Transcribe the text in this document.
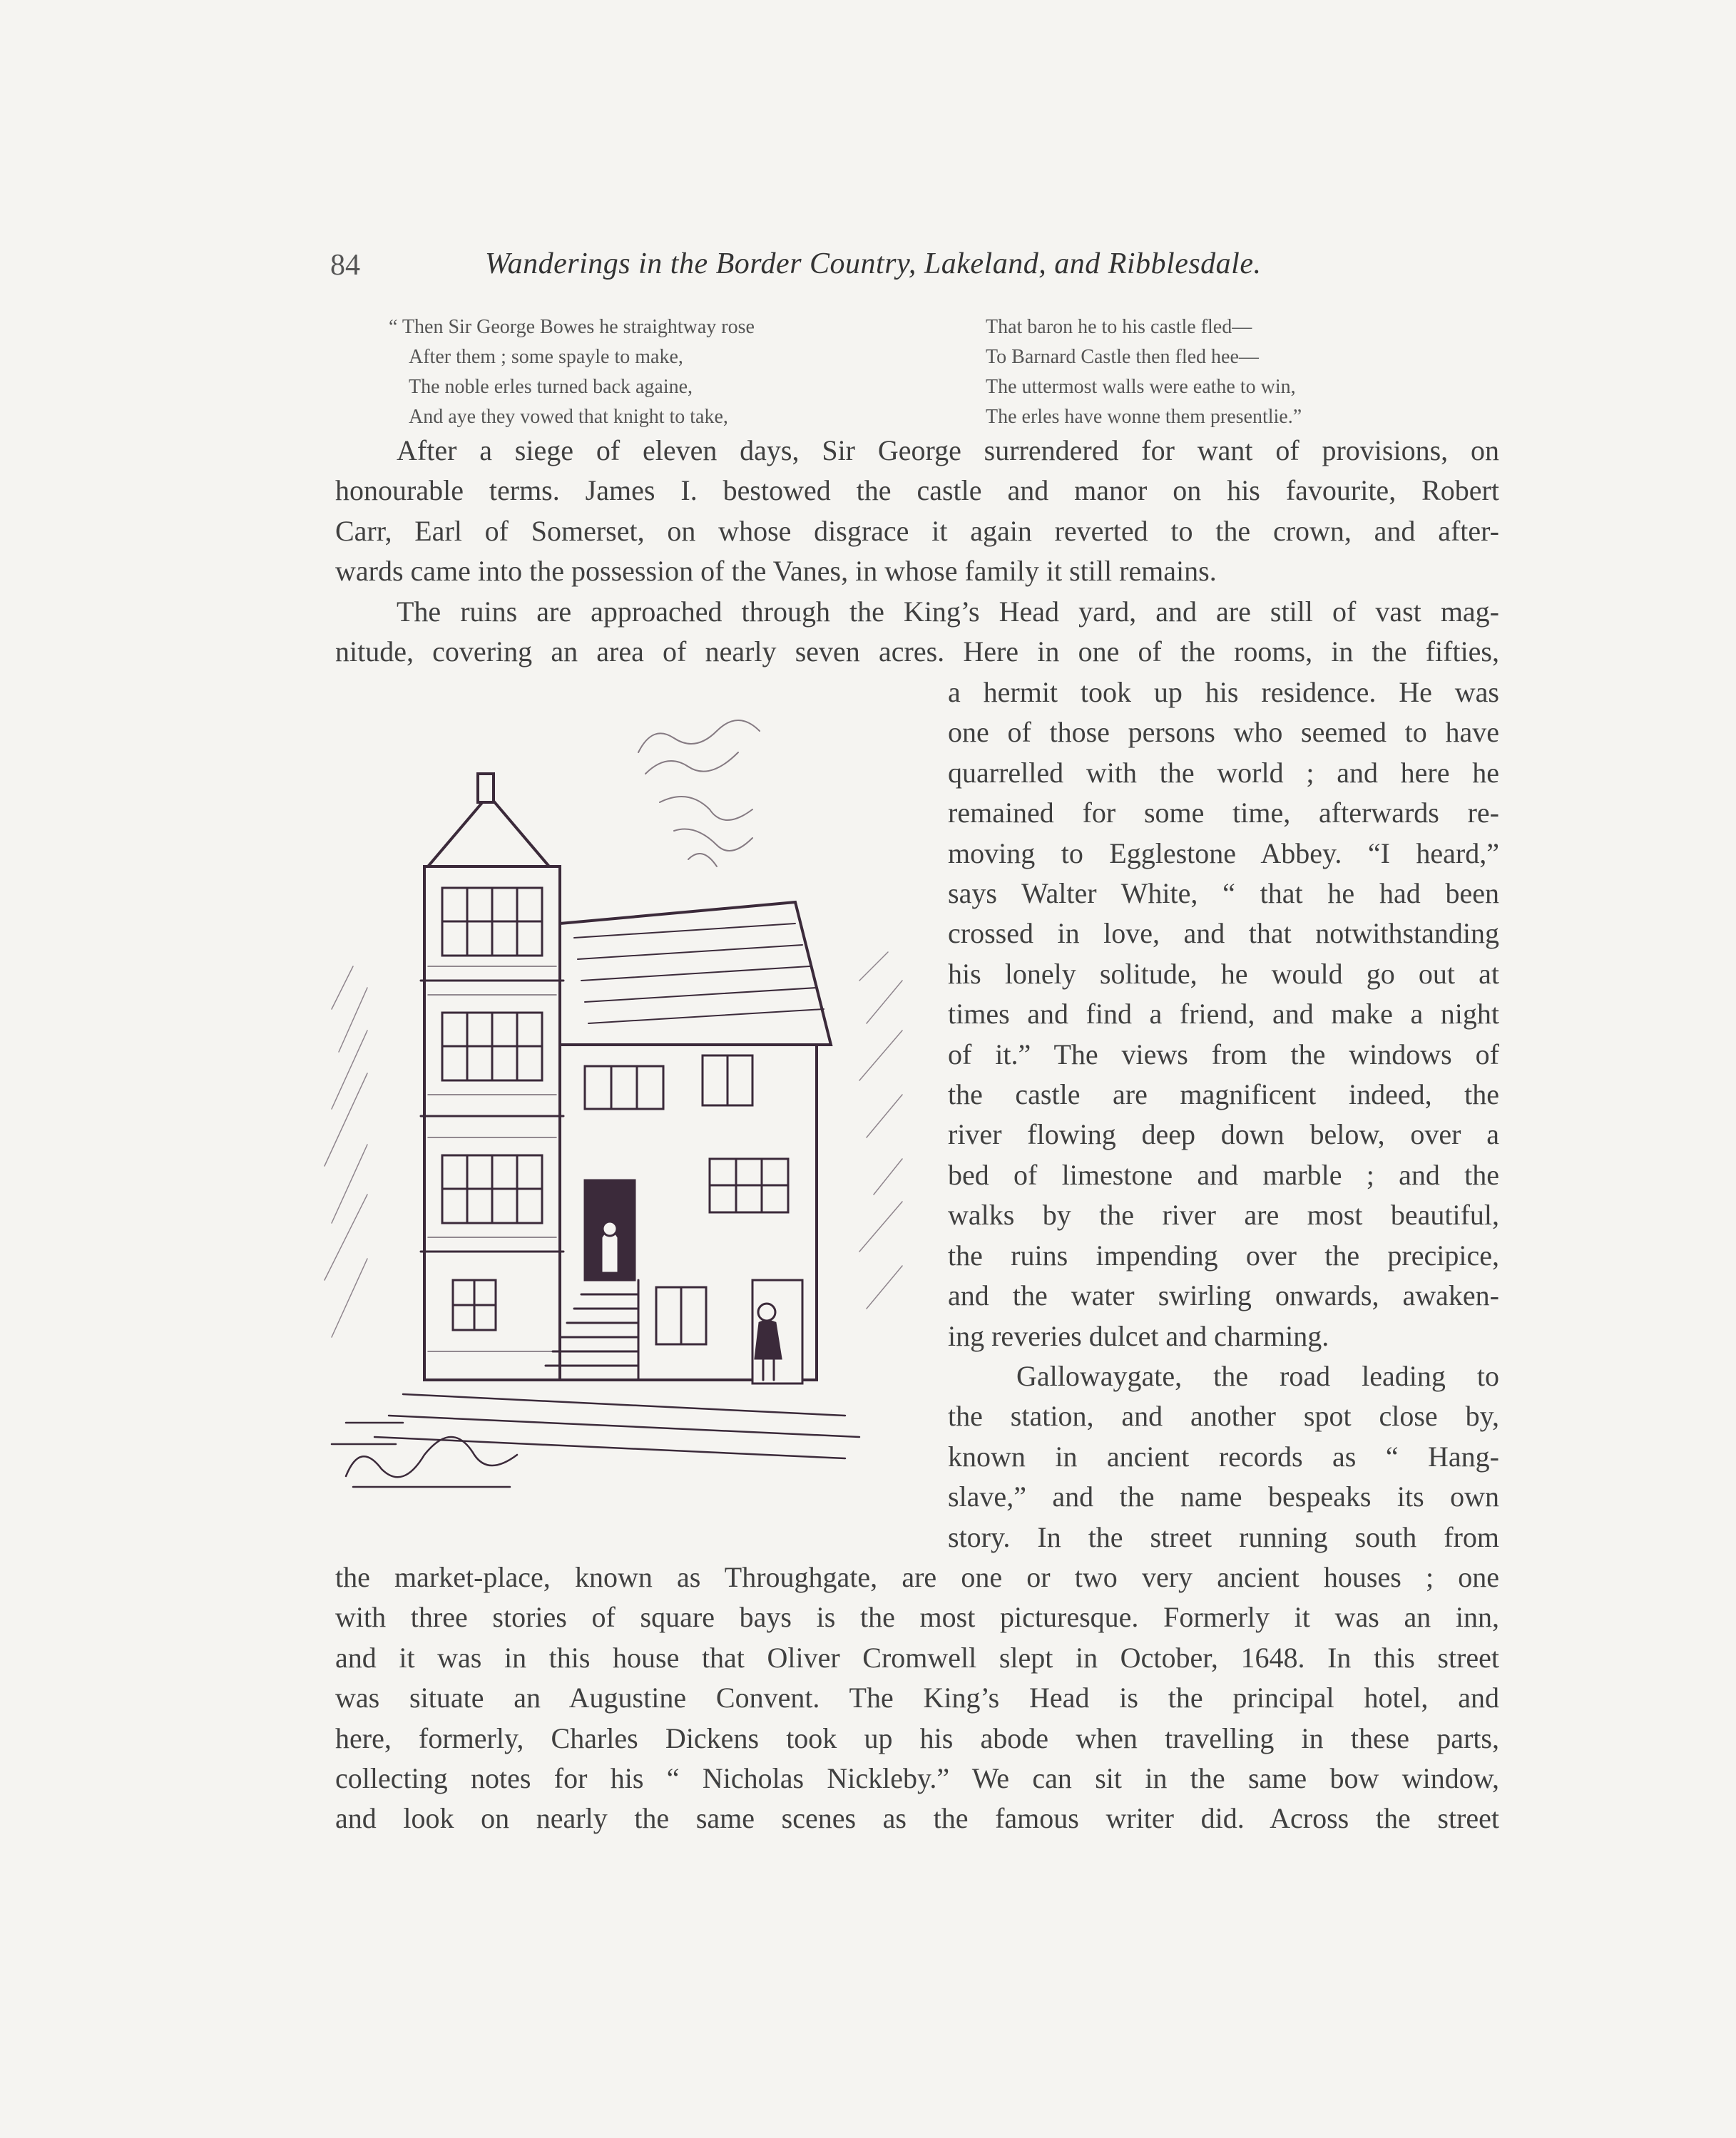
84	Wanderings in the Border Country, Lakeland, and Ribblesdale.
“ Then Sir George Bowes he straightway rose
After them ; some spayle to make,
The noble erles turned back againe,
And aye they vowed that knight to take,
That baron he to his castle fled—
To Barnard Castle then fled hee—
The uttermost walls were eathe to win,
The erles have wonne them presentlie.”

After a siege of eleven days, Sir George surrendered for want of provisions, on

honourable terms. James I. bestowed the castle and manor on his favourite, Robert

Carr, Earl of Somerset, on whose disgrace it again reverted to the crown, and after-

wards came into the possession of the Vanes, in whose family it still remains.

The ruins are approached through the King’s Head yard, and are still of vast mag-

nitude, covering an area of nearly seven acres. Here in one of the rooms, in the fifties,

a hermit took up his residence. He was

one of those persons who seemed to have

quarrelled with the world ; and here he

remained for some time, afterwards re-

moving to Egglestone Abbey. “I heard,”

says Walter White, “ that he had been

crossed in love, and that notwithstanding

his lonely solitude, he would go out at

times and find a friend, and make a night

of it.” The views from the windows of

the castle are magnificent indeed, the

river flowing deep down below, over a

bed of limestone and marble ; and the

walks by the river are most beautiful,

the ruins impending over the precipice,

and the water swirling onwards, awaken-

ing reveries dulcet and charming.

Gallowaygate, the road leading to

the station, and another spot close by,

known in ancient records as “ Hang-

slave,” and the name bespeaks its own

story. In the street running south from

the market-place, known as Throughgate, are one or two very ancient houses ; one

with three stories of square bays is the most picturesque. Formerly it was an inn,

and it was in this house that Oliver Cromwell slept in October, 1648. In this street

was situate an Augustine Convent. The King’s Head is the principal hotel, and

here, formerly, Charles Dickens took up his abode when travelling in these parts,

collecting notes for his “ Nicholas Nickleby.” We can sit in the same bow window,

and look on nearly the same scenes as the famous writer did. Across the street
